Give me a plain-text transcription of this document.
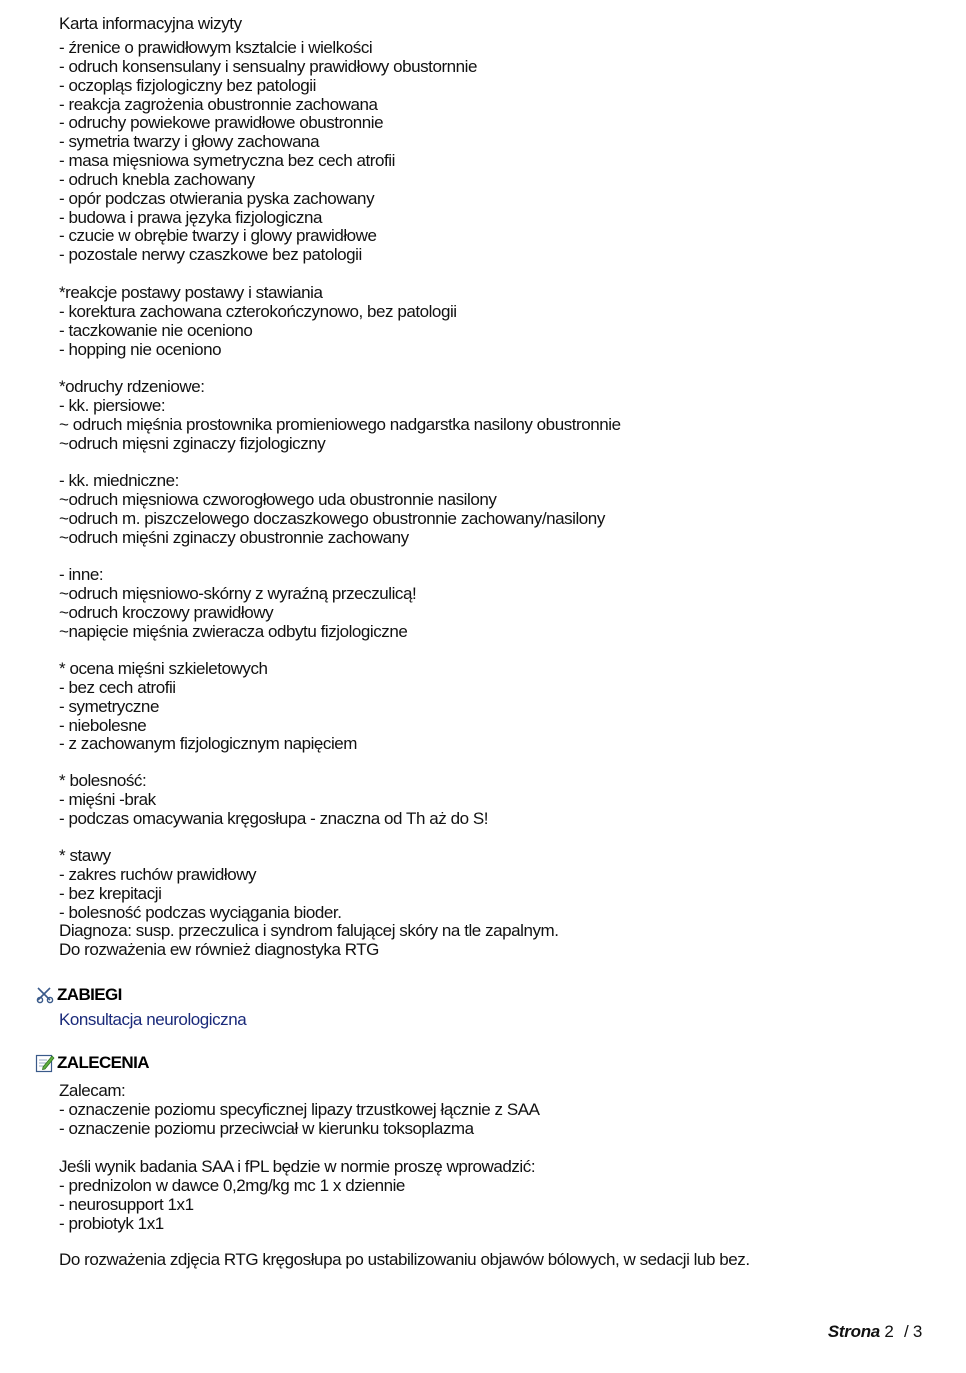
Karta informacyjna wizyty
- źrenice o prawidłowym ksztalcie i wielkości
- odruch konsensulany i sensualny prawidłowy obustornnie
- oczopląs fizjologiczny bez patologii
- reakcja zagrożenia obustronnie zachowana
- odruchy powiekowe prawidłowe obustronnie
- symetria twarzy i głowy zachowana
- masa mięsniowa symetryczna bez cech atrofii
- odruch knebla zachowany
- opór podczas otwierania pyska zachowany
- budowa i prawa języka fizjologiczna
- czucie w obrębie twarzy i glowy prawidłowe
- pozostale nerwy czaszkowe bez patologii
*reakcje postawy postawy i stawiania
- korektura zachowana czterokończynowo, bez patologii
- taczkowanie nie oceniono
- hopping nie oceniono
*odruchy rdzeniowe:
- kk. piersiowe:
~ odruch mięśnia prostownika promieniowego nadgarstka nasilony obustronnie
~odruch mięsni zginaczy fizjologiczny
- kk. miedniczne:
~odruch mięsniowa czworogłowego uda obustronnie nasilony
~odruch m. piszczelowego doczaszkowego obustronnie zachowany/nasilony
~odruch mięśni zginaczy obustronnie zachowany
- inne:
~odruch mięsniowo-skórny z wyraźną przeczulicą!
~odruch kroczowy prawidłowy
~napięcie mięśnia zwieracza odbytu fizjologiczne
* ocena mięśni szkieletowych
- bez cech atrofii
- symetryczne
- niebolesne
- z zachowanym fizjologicznym napięciem
* bolesność:
- mięśni -brak
- podczas omacywania kręgosłupa - znaczna od Th aż do S!
* stawy
- zakres ruchów prawidłowy
- bez krepitacji
- bolesność podczas wyciągania bioder.
Diagnoza: susp. przeczulica i syndrom falującej skóry na tle zapalnym.
Do rozważenia ew również diagnostyka RTG
ZABIEGI
Konsultacja neurologiczna
ZALECENIA
Zalecam:
- oznaczenie poziomu specyficznej lipazy trzustkowej łącznie z SAA
- oznaczenie poziomu przeciwciał w kierunku toksoplazma
Jeśli wynik badania SAA i fPL będzie w normie proszę wprowadzić:
- prednizolon w dawce 0,2mg/kg mc 1 x dziennie
- neurosupport 1x1
- probiotyk 1x1
Do rozważenia zdjęcia RTG kręgosłupa po ustabilizowaniu objawów bólowych, w sedacji lub bez.
Strona 2 / 3
